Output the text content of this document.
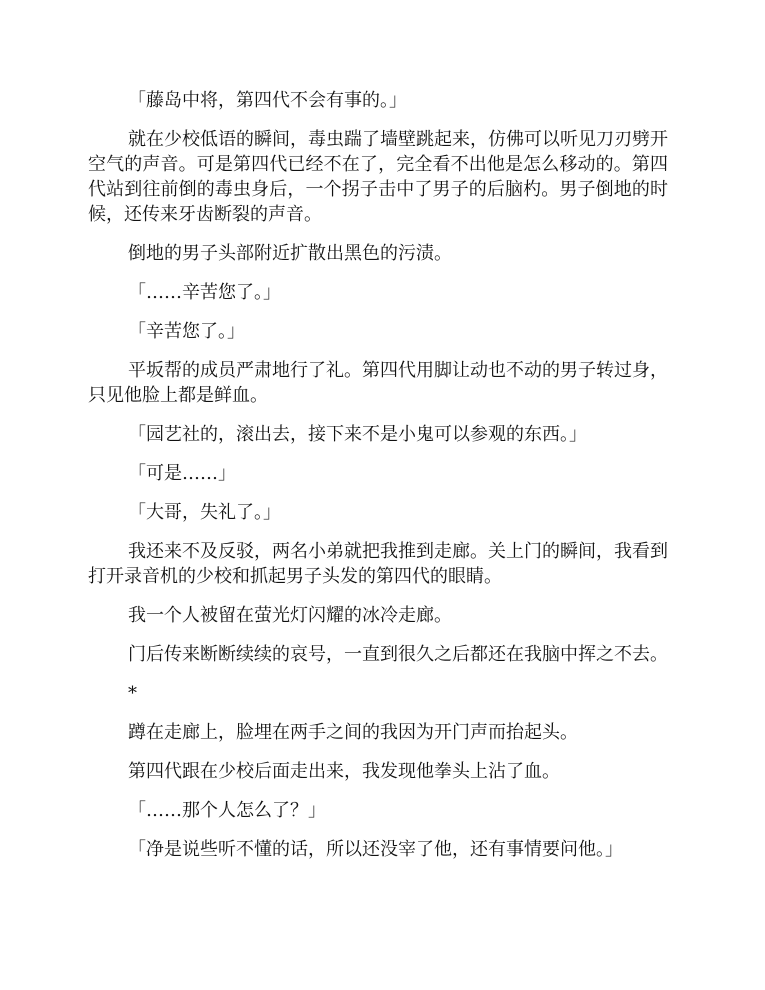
「藤岛中将，第四代不会有事的。」

就在少校低语的瞬间，毒虫踹了墙壁跳起来，仿佛可以听见刀刃劈开空气的声音。可是第四代已经不在了，完全看不出他是怎么移动的。第四代站到往前倒的毒虫身后，一个拐子击中了男子的后脑杓。男子倒地的时候，还传来牙齿断裂的声音。

倒地的男子头部附近扩散出黑色的污渍。

「……辛苦您了。」

「辛苦您了。」

平坂帮的成员严肃地行了礼。第四代用脚让动也不动的男子转过身，只见他脸上都是鲜血。

「园艺社的，滚出去，接下来不是小鬼可以参观的东西。」

「可是……」

「大哥，失礼了。」

我还来不及反驳，两名小弟就把我推到走廊。关上门的瞬间，我看到打开录音机的少校和抓起男子头发的第四代的眼睛。

我一个人被留在萤光灯闪耀的冰冷走廊。

门后传来断断续续的哀号，一直到很久之后都还在我脑中挥之不去。

*

蹲在走廊上，脸埋在两手之间的我因为开门声而抬起头。

第四代跟在少校后面走出来，我发现他拳头上沾了血。

「……那个人怎么了？」

「净是说些听不懂的话，所以还没宰了他，还有事情要问他。」
